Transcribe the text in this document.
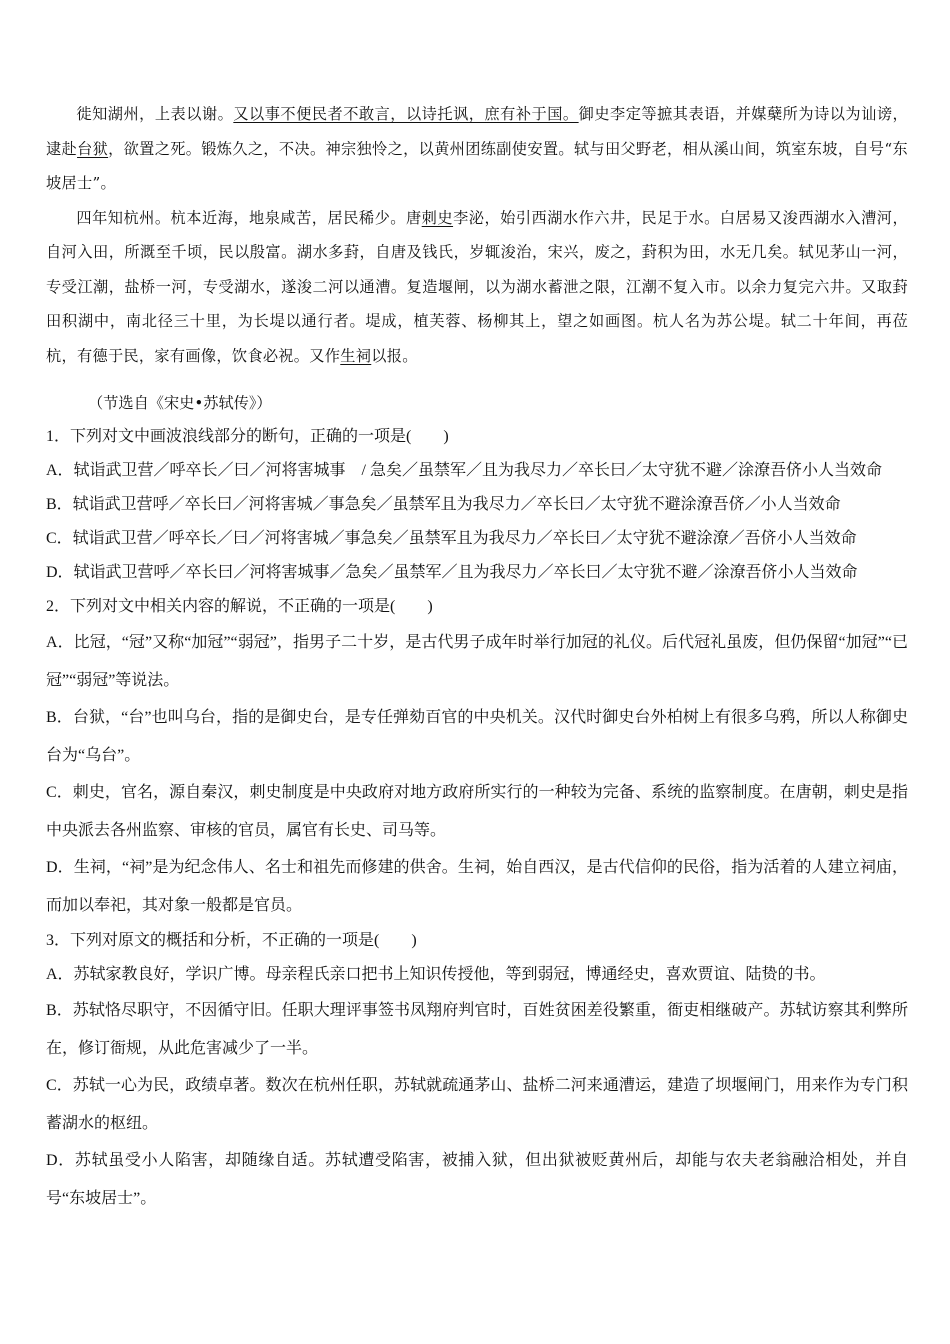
徙知湖州，上表以谢。又以事不便民者不敢言，以诗托讽，庶有补于国。御史李定等摭其表语，并媒蘖所为诗以为讪谤，逮赴台狱，欲置之死。锻炼久之，不决。神宗独怜之，以黄州团练副使安置。轼与田父野老，相从溪山间，筑室东坡，自号“东坡居士”。

四年知杭州。杭本近海，地泉咸苦，居民稀少。唐刺史李泌，始引西湖水作六井，民足于水。白居易又浚西湖水入漕河，自河入田，所溉至千顷，民以殷富。湖水多葑，自唐及钱氏，岁辄浚治，宋兴，废之，葑积为田，水无几矣。轼见茅山一河，专受江潮，盐桥一河，专受湖水，遂浚二河以通漕。复造堰闸，以为湖水蓄泄之限，江潮不复入市。以余力复完六井。又取葑田积湖中，南北径三十里，为长堤以通行者。堤成，植芙蓉、杨柳其上，望之如画图。杭人名为苏公堤。轼二十年间，再莅杭，有德于民，家有画像，饮食必祝。又作生祠以报。

（节选自《宋史•苏轼传》）

1．下列对文中画波浪线部分的断句，正确的一项是(　　)

A．轼诣武卫营／呼卒长／曰／河将害城事　/ 急矣／虽禁军／且为我尽力／卒长曰／太守犹不避／涂潦吾侪小人当效命

B．轼诣武卫营呼／卒长曰／河将害城／事急矣／虽禁军且为我尽力／卒长曰／太守犹不避涂潦吾侪／小人当效命

C．轼诣武卫营／呼卒长／曰／河将害城／事急矣／虽禁军且为我尽力／卒长曰／太守犹不避涂潦／吾侪小人当效命

D．轼诣武卫营呼／卒长曰／河将害城事／急矣／虽禁军／且为我尽力／卒长曰／太守犹不避／涂潦吾侪小人当效命

2．下列对文中相关内容的解说，不正确的一项是(　　)

A．比冠，“冠”又称“加冠”“弱冠”，指男子二十岁，是古代男子成年时举行加冠的礼仪。后代冠礼虽废，但仍保留“加冠”“已冠”“弱冠”等说法。

B．台狱，“台”也叫乌台，指的是御史台，是专任弹劾百官的中央机关。汉代时御史台外柏树上有很多乌鸦，所以人称御史台为“乌台”。

C．刺史，官名，源自秦汉，刺史制度是中央政府对地方政府所实行的一种较为完备、系统的监察制度。在唐朝，刺史是指中央派去各州监察、审核的官员，属官有长史、司马等。

D．生祠，“祠”是为纪念伟人、名士和祖先而修建的供舍。生祠，始自西汉，是古代信仰的民俗，指为活着的人建立祠庙，而加以奉祀，其对象一般都是官员。

3．下列对原文的概括和分析，不正确的一项是(　　)

A．苏轼家教良好，学识广博。母亲程氏亲口把书上知识传授他，等到弱冠，博通经史，喜欢贾谊、陆贽的书。

B．苏轼恪尽职守，不因循守旧。任职大理评事签书凤翔府判官时，百姓贫困差役繁重，衙吏相继破产。苏轼访察其利弊所在，修订衙规，从此危害减少了一半。

C．苏轼一心为民，政绩卓著。数次在杭州任职，苏轼就疏通茅山、盐桥二河来通漕运，建造了坝堰闸门，用来作为专门积蓄湖水的枢纽。

D．苏轼虽受小人陷害，却随缘自适。苏轼遭受陷害，被捕入狱，但出狱被贬黄州后，却能与农夫老翁融洽相处，并自号“东坡居士”。
